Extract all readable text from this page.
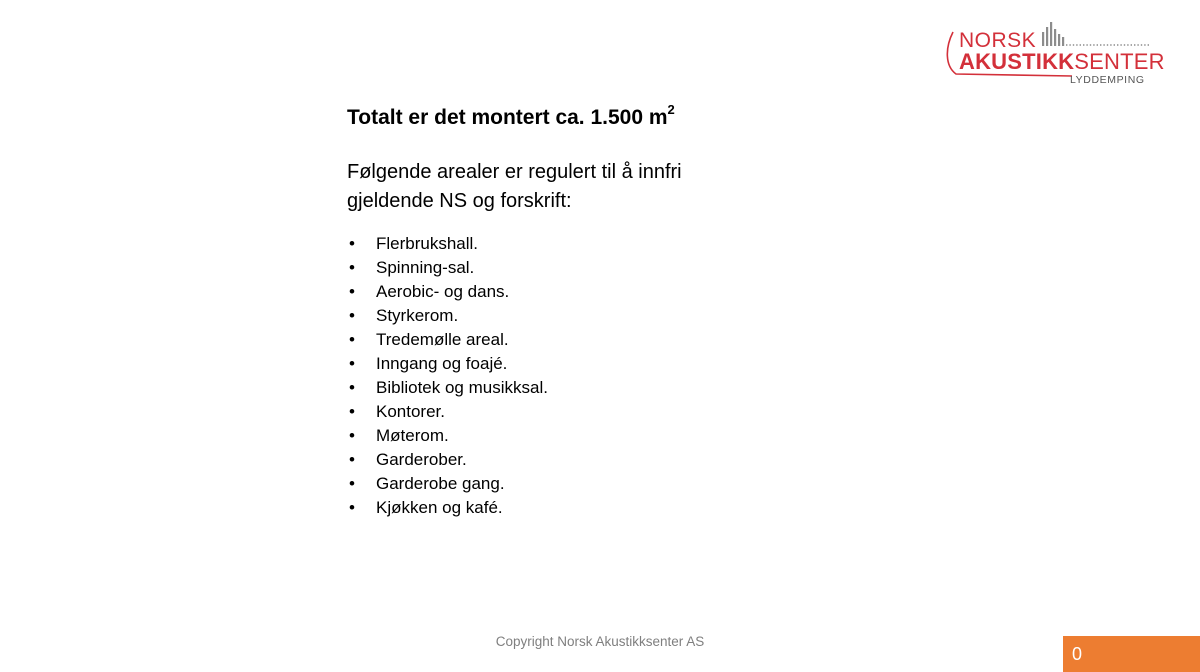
NORSK
AKUSTIKKSENTER
LYDDEMPING
Totalt er det montert ca. 1.500 $m^2$

Følgende arealer er regulert til å innfri gjeldende NS og forskrift:

• Flerbrukshall.
• Spinning-sal.
• Aerobic- og dans.
• Styrkerom.
• Tredemølle areal.
• Inngang og foajé.
• Bibliotek og musikksal.
• Kontorer.
• Møterom.
• Garderober.
• Garderobe gang.
• Kjøkken og kafé.
Copyright Norsk Akustikksenter AS
0
